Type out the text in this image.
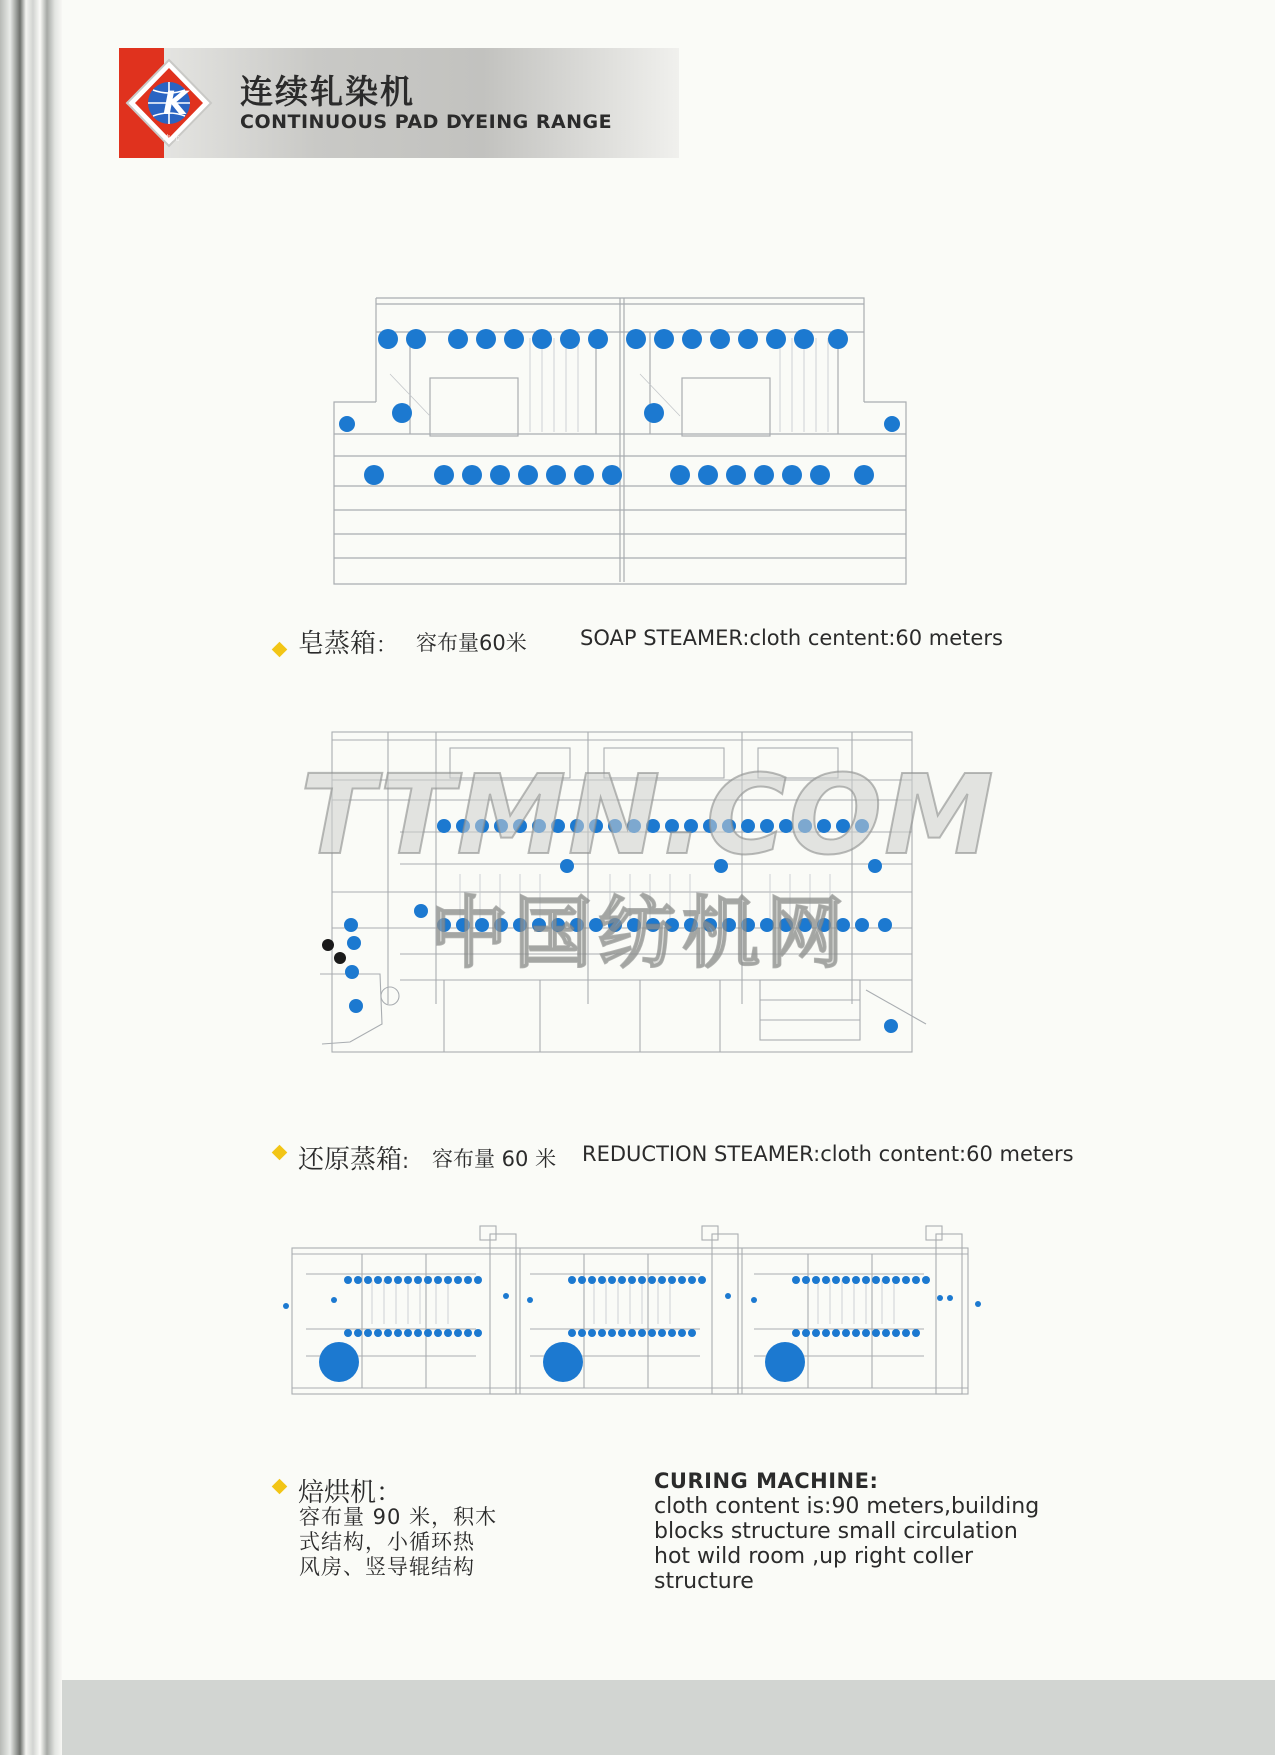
K
坤 元
连续轧染机
CONTINUOUS PAD DYEING RANGE
皂蒸箱： 容布量60米	SOAP STEAMER:cloth centent:60 meters
TTMN.COM
中国纺机网
还原蒸箱: 容布量 60 米 REDUCTION STEAMER:cloth content:60 meters
焙烘机：
容布量 90 米，积木
式结构，小循环热
风房、竖导辊结构
CURING MACHINE:
cloth content is:90 meters,building
blocks structure small circulation
hot wild room ,up right coller
structure
